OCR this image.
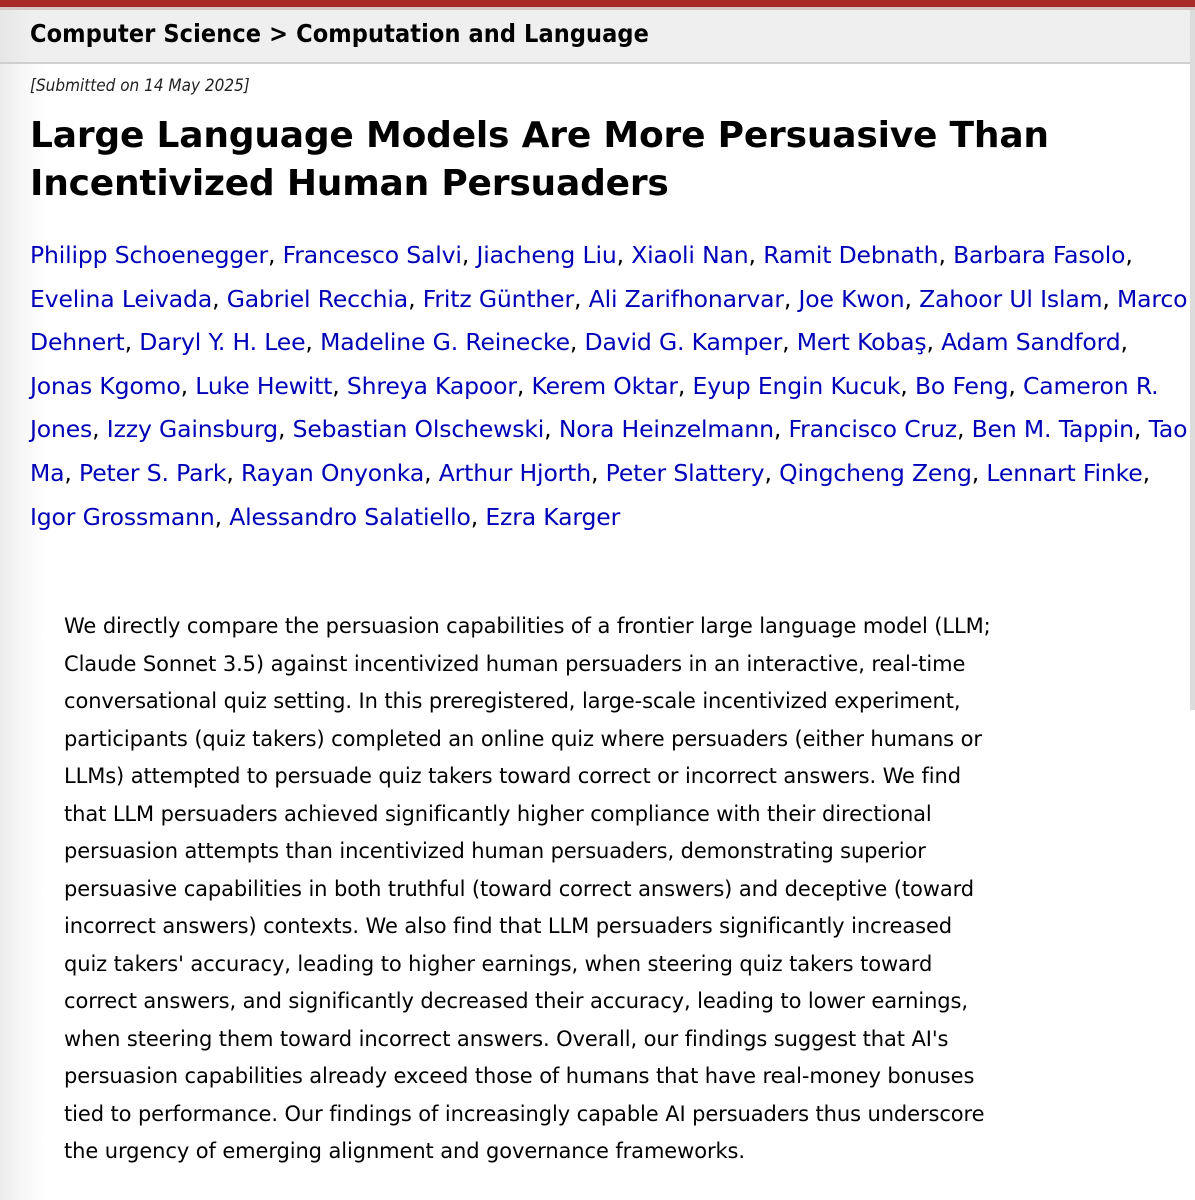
Computer Science > Computation and Language
[Submitted on 14 May 2025]
Large Language Models Are More Persuasive Than Incentivized Human Persuaders
Philipp Schoenegger, Francesco Salvi, Jiacheng Liu, Xiaoli Nan, Ramit Debnath, Barbara Fasolo, Evelina Leivada, Gabriel Recchia, Fritz Günther, Ali Zarifhonarvar, Joe Kwon, Zahoor Ul Islam, Marco Dehnert, Daryl Y. H. Lee, Madeline G. Reinecke, David G. Kamper, Mert Kobaş, Adam Sandford, Jonas Kgomo, Luke Hewitt, Shreya Kapoor, Kerem Oktar, Eyup Engin Kucuk, Bo Feng, Cameron R. Jones, Izzy Gainsburg, Sebastian Olschewski, Nora Heinzelmann, Francisco Cruz, Ben M. Tappin, Tao Ma, Peter S. Park, Rayan Onyonka, Arthur Hjorth, Peter Slattery, Qingcheng Zeng, Lennart Finke, Igor Grossmann, Alessandro Salatiello, Ezra Karger
We directly compare the persuasion capabilities of a frontier large language model (LLM;
Claude Sonnet 3.5) against incentivized human persuaders in an interactive, real-time
conversational quiz setting. In this preregistered, large-scale incentivized experiment,
participants (quiz takers) completed an online quiz where persuaders (either humans or
LLMs) attempted to persuade quiz takers toward correct or incorrect answers. We find
that LLM persuaders achieved significantly higher compliance with their directional
persuasion attempts than incentivized human persuaders, demonstrating superior
persuasive capabilities in both truthful (toward correct answers) and deceptive (toward
incorrect answers) contexts. We also find that LLM persuaders significantly increased
quiz takers' accuracy, leading to higher earnings, when steering quiz takers toward
correct answers, and significantly decreased their accuracy, leading to lower earnings,
when steering them toward incorrect answers. Overall, our findings suggest that AI's
persuasion capabilities already exceed those of humans that have real-money bonuses
tied to performance. Our findings of increasingly capable AI persuaders thus underscore
the urgency of emerging alignment and governance frameworks.
